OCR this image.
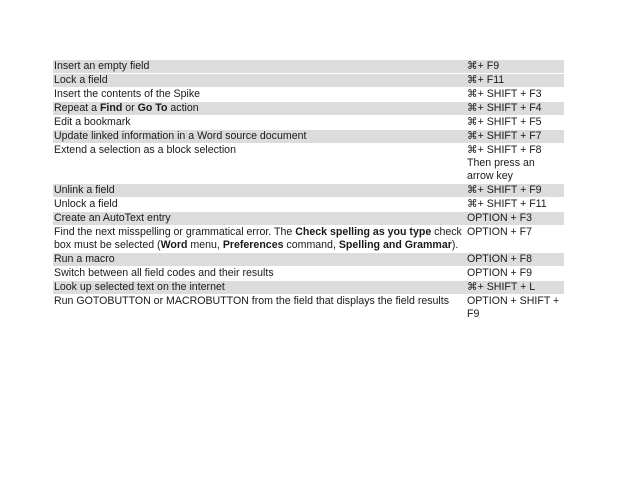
Insert an empty field	⌘+ F9
Lock a field	⌘+ F11
Insert the contents of the Spike	⌘+ SHIFT + F3
Repeat a Find or Go To action	⌘+ SHIFT + F4
Edit a bookmark	⌘+ SHIFT + F5
Update linked information in a Word source document	⌘+ SHIFT + F7
Extend a selection as a block selection	⌘+ SHIFT + F8 Then press an arrow key
Unlink a field	⌘+ SHIFT + F9
Unlock a field	⌘+ SHIFT + F11
Create an AutoText entry	OPTION + F3
Find the next misspelling or grammatical error. The Check spelling as you type check box must be selected (Word menu, Preferences command, Spelling and Grammar).	OPTION + F7
Run a macro	OPTION + F8
Switch between all field codes and their results	OPTION + F9
Look up selected text on the internet	⌘+ SHIFT + L
Run GOTOBUTTON or MACROBUTTON from the field that displays the field results	OPTION + SHIFT + F9
